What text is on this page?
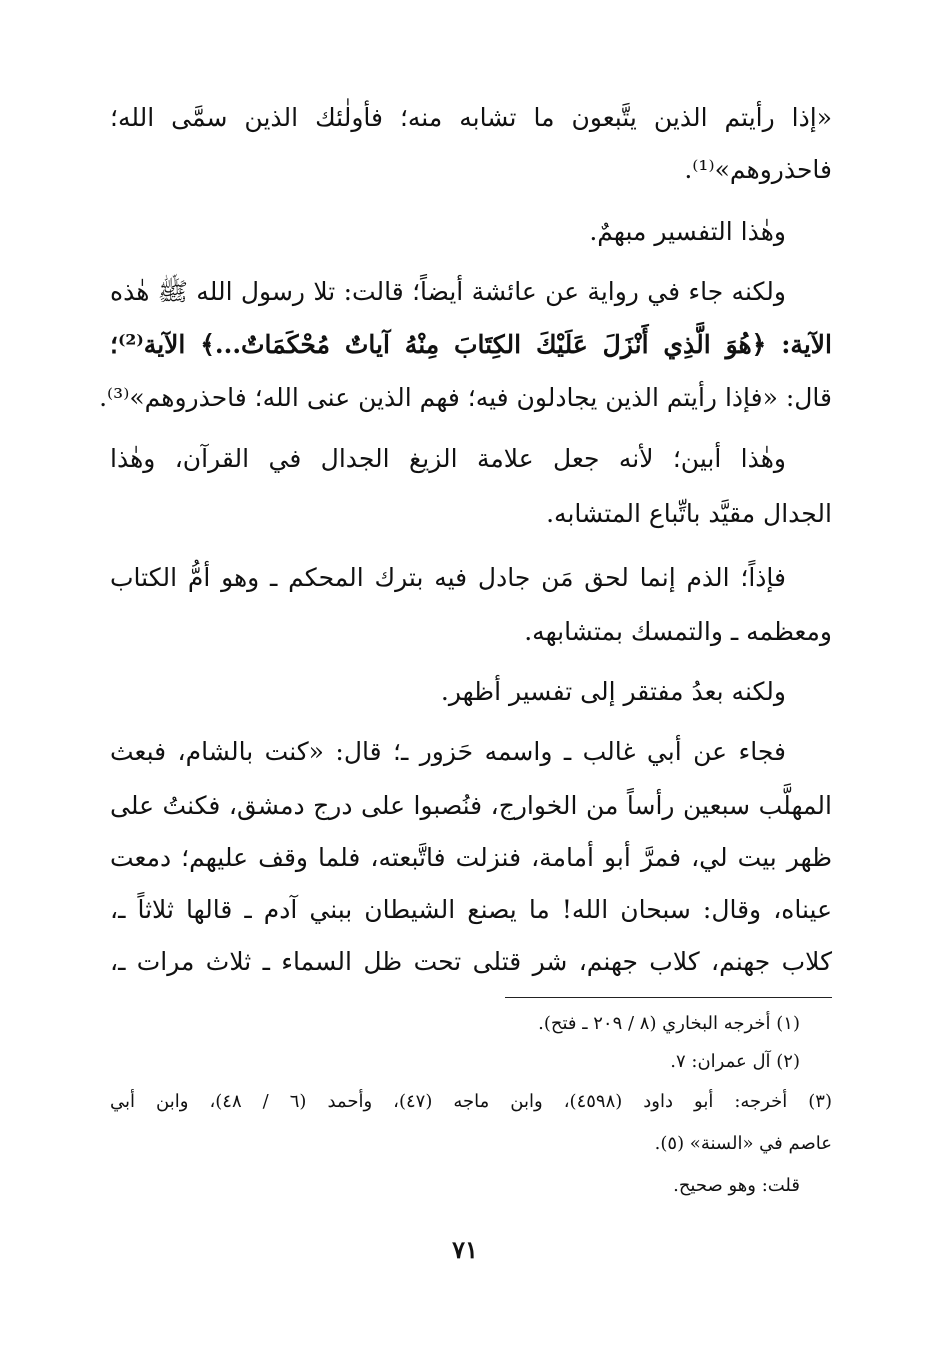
«إذا رأيتم الذين يتَّبعون ما تشابه منه؛ فأولٰئك الذين سمَّى الله؛
فاحذروهم»⁽¹⁾.
وهٰذا التفسير مبهمٌ.
ولكنه جاء في رواية عن عائشة أيضاً؛ قالت: تلا رسول الله ﷺ هٰذه
الآية: ﴿هُوَ الَّذِي أَنْزَلَ عَلَيْكَ الكِتَابَ مِنْهُ آياتٌ مُحْكَمَاتٌ...﴾ الآية⁽²⁾؛
قال: «فإذا رأيتم الذين يجادلون فيه؛ فهم الذين عنى الله؛ فاحذروهم»⁽³⁾.
وهٰذا أبين؛ لأنه جعل علامة الزيغ الجدال في القرآن، وهٰذا
الجدال مقيَّد باتِّباع المتشابه.
فإذاً؛ الذم إنما لحق مَن جادل فيه بترك المحكم ـ وهو أمُّ الكتاب
ومعظمه ـ والتمسك بمتشابهه.
ولكنه بعدُ مفتقر إلى تفسير أظهر.
فجاء عن أبي غالب ـ واسمه حَزور ـ؛ قال: «كنت بالشام، فبعث
المهلَّب سبعين رأساً من الخوارج، فنُصبوا على درج دمشق، فكنتُ على
ظهر بيت لي، فمرَّ أبو أمامة، فنزلت فاتَّبعته، فلما وقف عليهم؛ دمعت
عيناه، وقال: سبحان الله! ما يصنع الشيطان ببني آدم ـ قالها ثلاثاً ـ،
كلاب جهنم، كلاب جهنم، شر قتلى تحت ظل السماء ـ ثلاث مرات ـ،
(١) أخرجه البخاري (٨ / ٢٠٩ ـ فتح).
(٢) آل عمران: ٧.
(٣) أخرجه: أبو داود (٤٥٩٨)، وابن ماجه (٤٧)، وأحمد (٦ / ٤٨)، وابن أبي
عاصم في «السنة» (٥).
قلت: وهو صحيح.
٧١
